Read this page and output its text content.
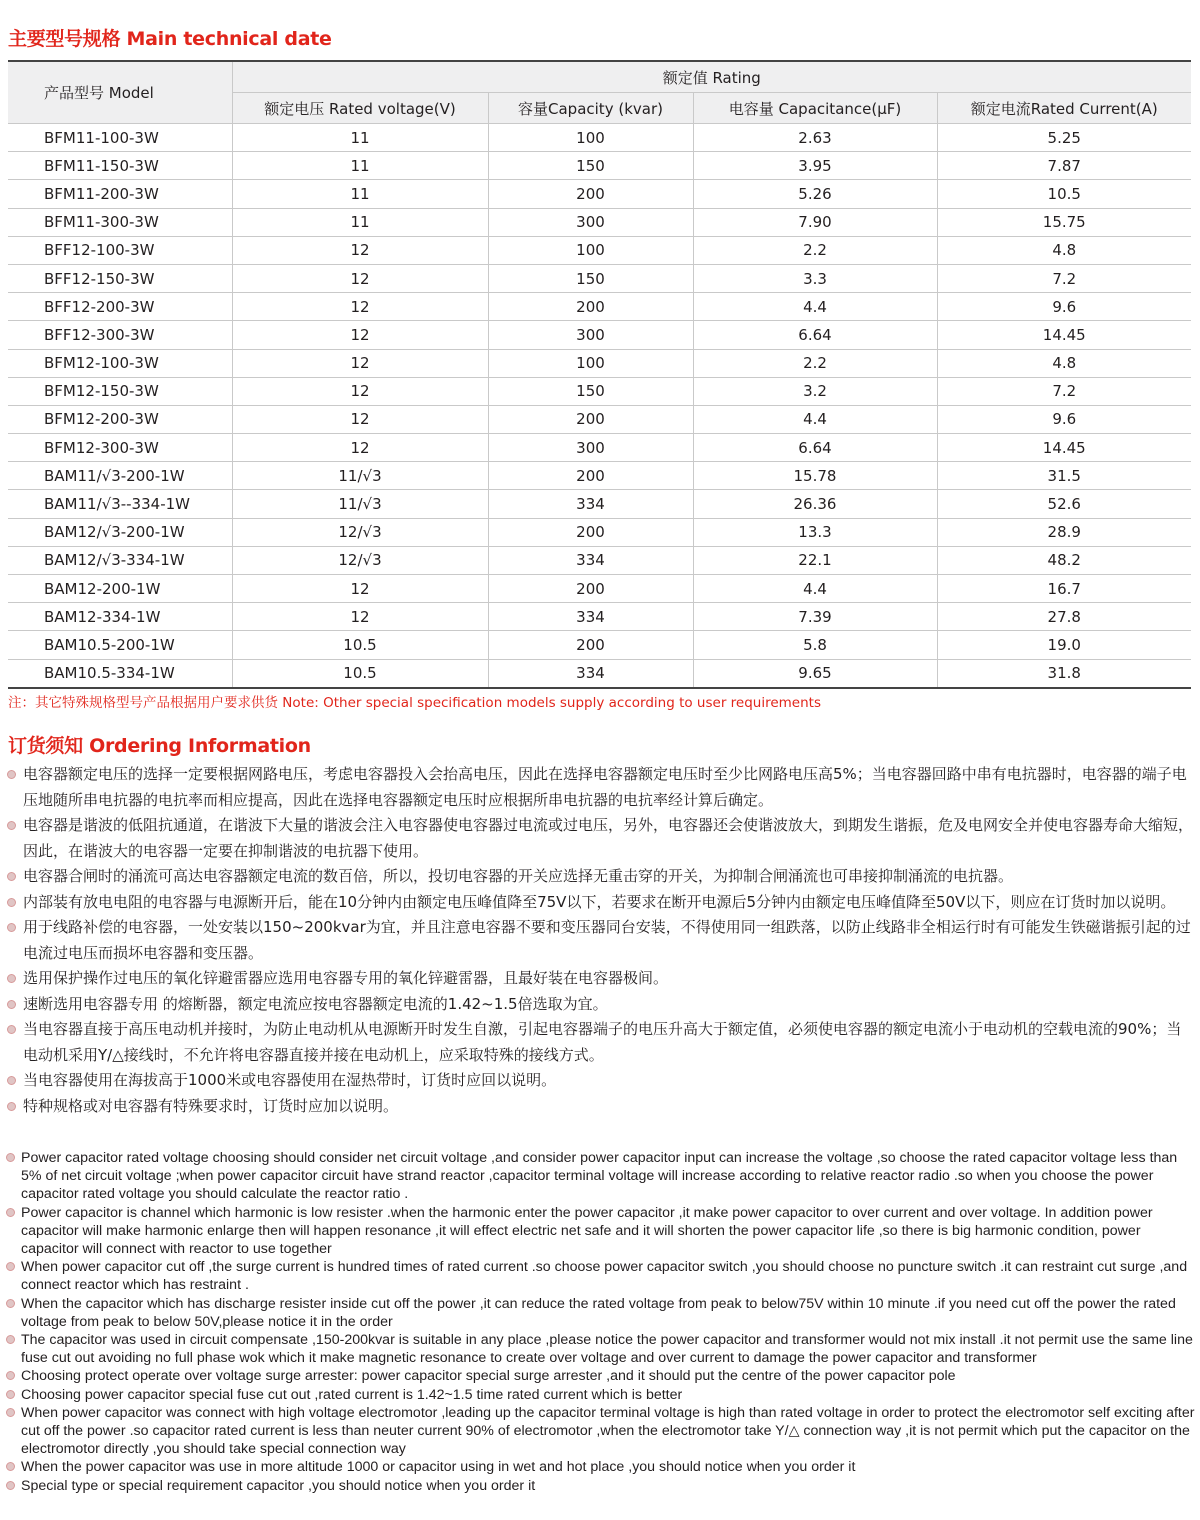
主要型号规格 Main technical date
产品型号 Model	额定值 Rating			
	额定电压 Rated voltage(V)	容量Capacity (kvar)	电容量 Capacitance(μF)	额定电流Rated Current(A)
BFM11-100-3W	11	100	2.63	5.25
BFM11-150-3W	11	150	3.95	7.87
BFM11-200-3W	11	200	5.26	10.5
BFM11-300-3W	11	300	7.90	15.75
BFF12-100-3W	12	100	2.2	4.8
BFF12-150-3W	12	150	3.3	7.2
BFF12-200-3W	12	200	4.4	9.6
BFF12-300-3W	12	300	6.64	14.45
BFM12-100-3W	12	100	2.2	4.8
BFM12-150-3W	12	150	3.2	7.2
BFM12-200-3W	12	200	4.4	9.6
BFM12-300-3W	12	300	6.64	14.45
BAM11/√3-200-1W	11/√3	200	15.78	31.5
BAM11/√3--334-1W	11/√3	334	26.36	52.6
BAM12/√3-200-1W	12/√3	200	13.3	28.9
BAM12/√3-334-1W	12/√3	334	22.1	48.2
BAM12-200-1W	12	200	4.4	16.7
BAM12-334-1W	12	334	7.39	27.8
BAM10.5-200-1W	10.5	200	5.8	19.0
BAM10.5-334-1W	10.5	334	9.65	31.8
注：其它特殊规格型号产品根据用户要求供货 Note: Other special specification models supply according to user requirements
订货须知 Ordering Information
电容器额定电压的选择一定要根据网路电压，考虑电容器投入会抬高电压，因此在选择电容器额定电压时至少比网路电压高5%；当电容器回路中串有电抗器时，电容器的端子电压地随所串电抗器的电抗率而相应提高，因此在选择电容器额定电压时应根据所串电抗器的电抗率经计算后确定。
电容器是谐波的低阻抗通道，在谐波下大量的谐波会注入电容器使电容器过电流或过电压，另外，电容器还会使谐波放大，到期发生谐振，危及电网安全并使电容器寿命大缩短，因此，在谐波大的电容器一定要在抑制谐波的电抗器下使用。
电容器合闸时的涌流可高达电容器额定电流的数百倍，所以，投切电容器的开关应选择无重击穿的开关，为抑制合闸涌流也可串接抑制涌流的电抗器。
内部装有放电电阻的电容器与电源断开后，能在10分钟内由额定电压峰值降至75V以下，若要求在断开电源后5分钟内由额定电压峰值降至50V以下，则应在订货时加以说明。
用于线路补偿的电容器，一处安装以150~200kvar为宜，并且注意电容器不要和变压器同台安装，不得使用同一组跌落，以防止线路非全相运行时有可能发生铁磁谐振引起的过电流过电压而损坏电容器和变压器。
选用保护操作过电压的氧化锌避雷器应选用电容器专用的氧化锌避雷器，且最好装在电容器极间。
速断选用电容器专用 的熔断器，额定电流应按电容器额定电流的1.42~1.5倍选取为宜。
当电容器直接于高压电动机并接时，为防止电动机从电源断开时发生自激，引起电容器端子的电压升高大于额定值，必须使电容器的额定电流小于电动机的空载电流的90%；当电动机采用Y/△接线时，不允许将电容器直接并接在电动机上，应采取特殊的接线方式。
当电容器使用在海拔高于1000米或电容器使用在湿热带时，订货时应回以说明。
特种规格或对电容器有特殊要求时，订货时应加以说明。
Power capacitor rated voltage choosing should consider net circuit voltage ,and consider power capacitor input can increase the voltage ,so choose the rated capacitor voltage less than 5% of net circuit voltage ;when power capacitor circuit have strand reactor ,capacitor terminal voltage will increase according to relative reactor radio .so when you choose the power capacitor rated voltage you should calculate the reactor ratio .
Power capacitor is channel which harmonic is low resister .when the harmonic enter the power capacitor ,it make power capacitor to over current and over voltage. In addition power capacitor will make harmonic enlarge then will happen resonance ,it will effect electric net safe and it will shorten the power capacitor life ,so there is big harmonic condition, power capacitor will connect with reactor to use together
When power capacitor cut off ,the surge current is hundred times of rated current .so choose power capacitor switch ,you should choose no puncture switch .it can restraint cut surge ,and connect reactor which has restraint .
When the capacitor which has discharge resister inside cut off the power ,it can reduce the rated voltage from peak to below75V within 10 minute .if you need cut off the power the rated voltage from peak to below 50V,please notice it in the order
The capacitor was used in circuit compensate ,150-200kvar is suitable in any place ,please notice the power capacitor and transformer would not mix install .it not permit use the same line fuse cut out avoiding no full phase wok which it make magnetic resonance to create over voltage and over current to damage the power capacitor and transformer
Choosing protect operate over voltage surge arrester: power capacitor special surge arrester ,and it should put the centre of the power capacitor pole
Choosing power capacitor special fuse cut out ,rated current is 1.42~1.5 time rated current which is better
When power capacitor was connect with high voltage electromotor ,leading up the capacitor terminal voltage is high than rated voltage in order to protect the electromotor self exciting after cut off the power .so capacitor rated current is less than neuter current 90% of electromotor ,when the electromotor take Y/△ connection way ,it is not permit which put the capacitor on the electromotor directly ,you should take special connection way
When the power capacitor was use in more altitude 1000 or capacitor using in wet and hot place ,you should notice when you order it
Special type or special requirement capacitor ,you should notice when you order it
